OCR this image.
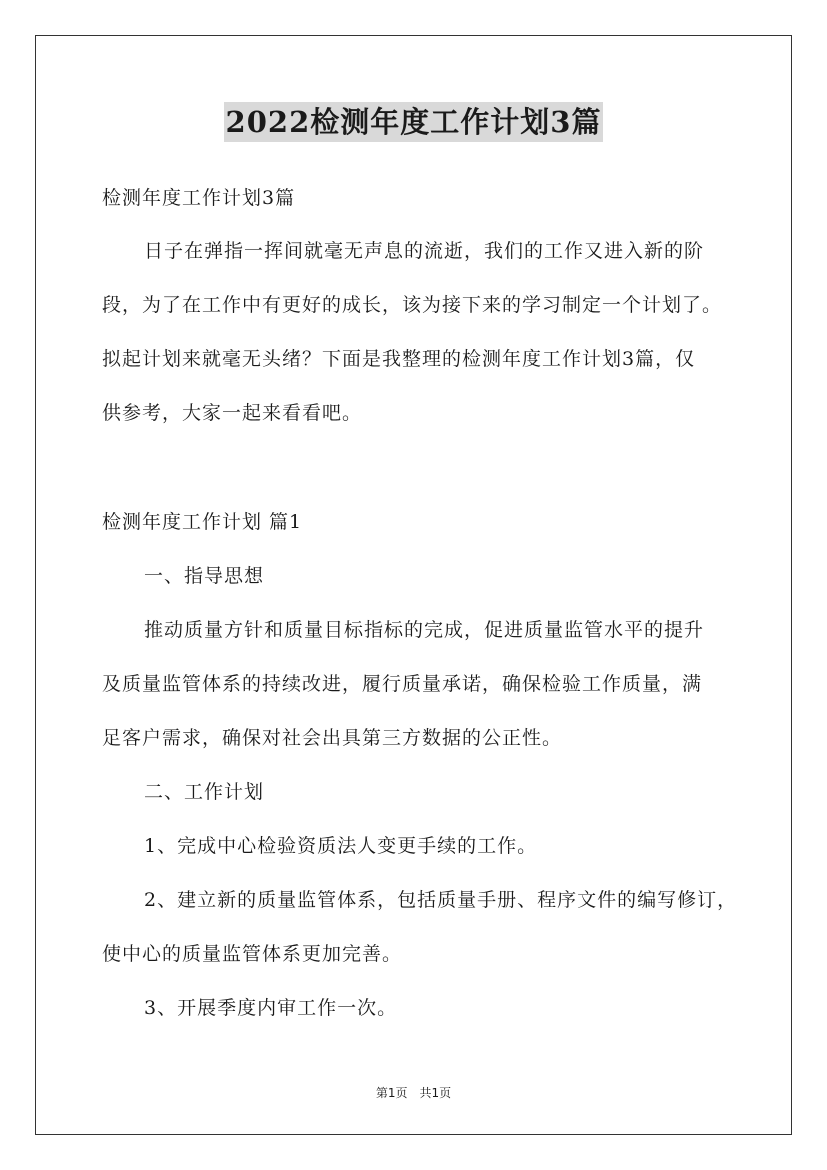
2022检测年度工作计划3篇
检测年度工作计划3篇
日子在弹指一挥间就毫无声息的流逝，我们的工作又进入新的阶
段，为了在工作中有更好的成长，该为接下来的学习制定一个计划了。
拟起计划来就毫无头绪？下面是我整理的检测年度工作计划3篇，仅
供参考，大家一起来看看吧。
检测年度工作计划 篇1
一、指导思想
推动质量方针和质量目标指标的完成，促进质量监管水平的提升
及质量监管体系的持续改进，履行质量承诺，确保检验工作质量，满
足客户需求，确保对社会出具第三方数据的公正性。
二、工作计划
1、完成中心检验资质法人变更手续的工作。
2、建立新的质量监管体系，包括质量手册、程序文件的编写修订，
使中心的质量监管体系更加完善。
3、开展季度内审工作一次。
第1页　共1页
